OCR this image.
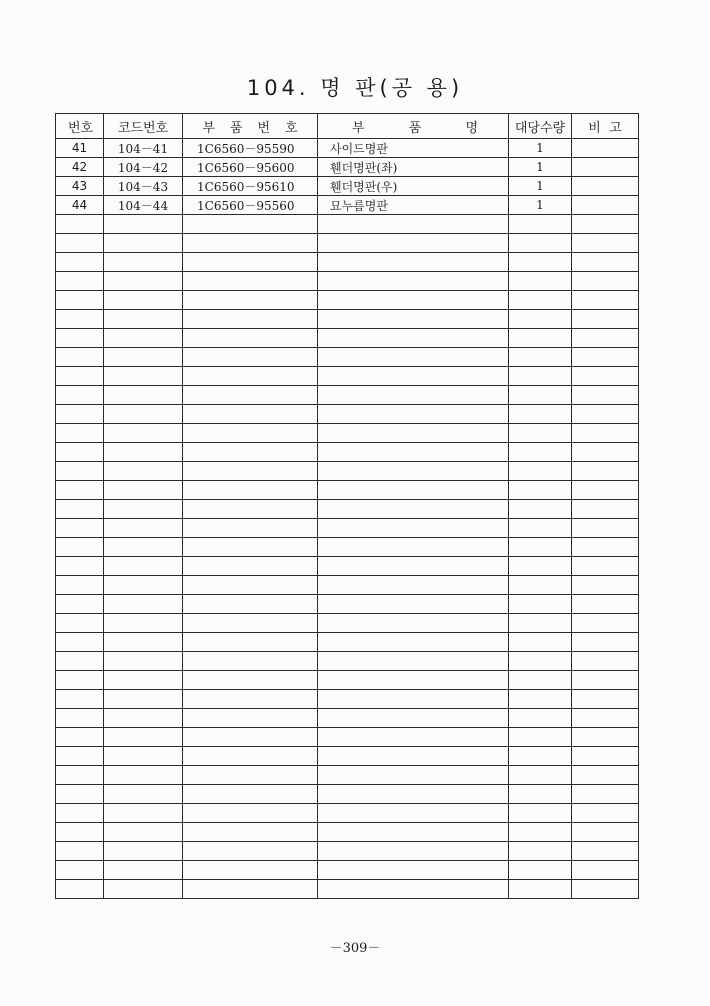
104. 명 판(공 용)
번 호	코드번호	부 품 번 호	부 품 명	대당수량	비 고

41	104－41	1C6560－95590	사이드명판	1	
42	104－42	1C6560－95600	휀더명판(좌)	1	
43	104－43	1C6560－95610	휀더명판(우)	1	
44	104－44	1C6560－95560	묘누름명판	1	

－309－
